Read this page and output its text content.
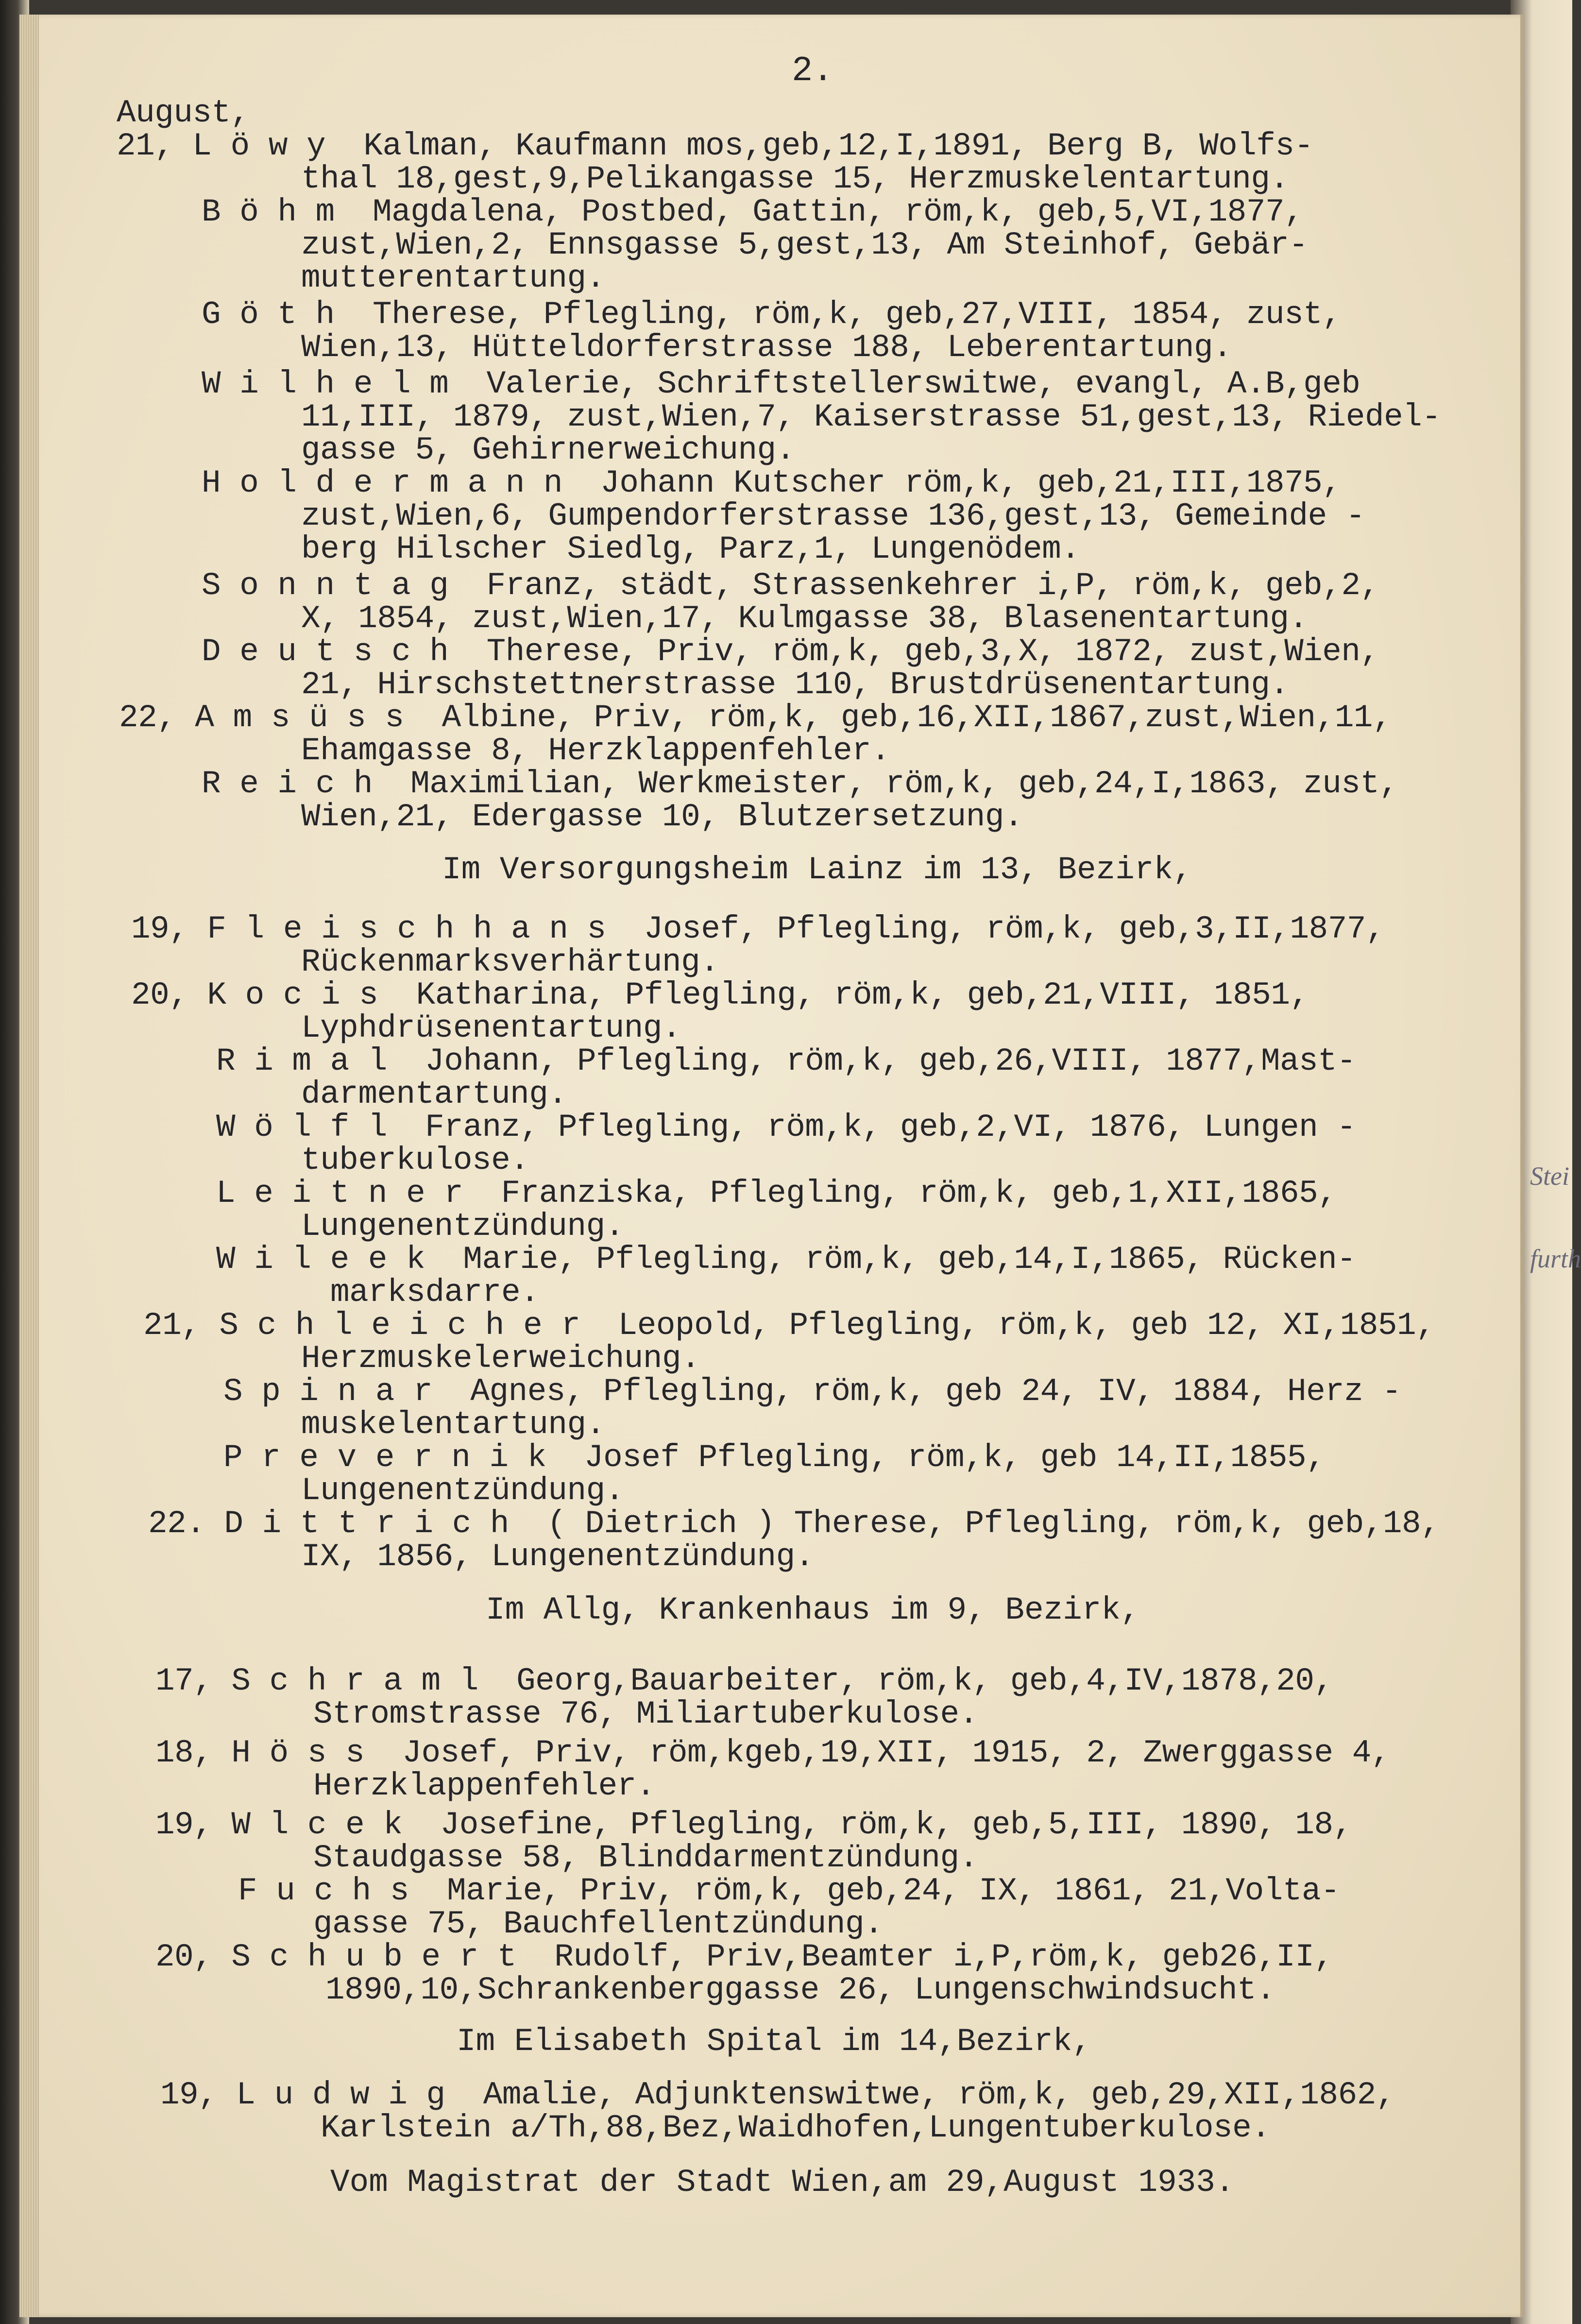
Stei
furth
2.
August,
21, L ö w y  Kalman, Kaufmann mos,geb,12,I,1891, Berg B, Wolfs-
thal 18,gest,9,Pelikangasse 15, Herzmuskelentartung.
B ö h m  Magdalena, Postbed, Gattin, röm,k, geb,5,VI,1877,
zust,Wien,2, Ennsgasse 5,gest,13, Am Steinhof, Gebär-
mutterentartung.
G ö t h  Therese, Pflegling, röm,k, geb,27,VIII, 1854, zust,
Wien,13, Hütteldorferstrasse 188, Leberentartung.
W i l h e l m  Valerie, Schriftstellerswitwe, evangl, A.B,geb
11,III, 1879, zust,Wien,7, Kaiserstrasse 51,gest,13, Riedel-
gasse 5, Gehirnerweichung.
H o l d e r m a n n  Johann Kutscher röm,k, geb,21,III,1875,
zust,Wien,6, Gumpendorferstrasse 136,gest,13, Gemeinde -
berg Hilscher Siedlg, Parz,1, Lungenödem.
S o n n t a g  Franz, städt, Strassenkehrer i,P, röm,k, geb,2,
X, 1854, zust,Wien,17, Kulmgasse 38, Blasenentartung.
D e u t s c h  Therese, Priv, röm,k, geb,3,X, 1872, zust,Wien,
21, Hirschstettnerstrasse 110, Brustdrüsenentartung.
22, A m s ü s s  Albine, Priv, röm,k, geb,16,XII,1867,zust,Wien,11,
Ehamgasse 8, Herzklappenfehler.
R e i c h  Maximilian, Werkmeister, röm,k, geb,24,I,1863, zust,
Wien,21, Edergasse 10, Blutzersetzung.
Im Versorgungsheim Lainz im 13, Bezirk,
19, F l e i s c h h a n s  Josef, Pflegling, röm,k, geb,3,II,1877,
Rückenmarksverhärtung.
20, K o c i s  Katharina, Pflegling, röm,k, geb,21,VIII, 1851,
Lyphdrüsenentartung.
R i m a l  Johann, Pflegling, röm,k, geb,26,VIII, 1877,Mast-
darmentartung.
W ö l f l  Franz, Pflegling, röm,k, geb,2,VI, 1876, Lungen -
tuberkulose.
L e i t n e r  Franziska, Pflegling, röm,k, geb,1,XII,1865,
Lungenentzündung.
W i l e e k  Marie, Pflegling, röm,k, geb,14,I,1865, Rücken-
marksdarre.
21, S c h l e i c h e r  Leopold, Pflegling, röm,k, geb 12, XI,1851,
Herzmuskelerweichung.
S p i n a r  Agnes, Pflegling, röm,k, geb 24, IV, 1884, Herz -
muskelentartung.
P r e v e r n i k  Josef Pflegling, röm,k, geb 14,II,1855,
Lungenentzündung.
22. D i t t r i c h  ( Dietrich ) Therese, Pflegling, röm,k, geb,18,
IX, 1856, Lungenentzündung.
Im Allg, Krankenhaus im 9, Bezirk,
17, S c h r a m l  Georg,Bauarbeiter, röm,k, geb,4,IV,1878,20,
Stromstrasse 76, Miliartuberkulose.
18, H ö s s  Josef, Priv, röm,kgeb,19,XII, 1915, 2, Zwerggasse 4,
Herzklappenfehler.
19, W l c e k  Josefine, Pflegling, röm,k, geb,5,III, 1890, 18,
Staudgasse 58, Blinddarmentzündung.
F u c h s  Marie, Priv, röm,k, geb,24, IX, 1861, 21,Volta-
gasse 75, Bauchfellentzündung.
20, S c h u b e r t  Rudolf, Priv,Beamter i,P,röm,k, geb26,II,
1890,10,Schrankenberggasse 26, Lungenschwindsucht.
Im Elisabeth Spital im 14,Bezirk,
19, L u d w i g  Amalie, Adjunktenswitwe, röm,k, geb,29,XII,1862,
Karlstein a/Th,88,Bez,Waidhofen,Lungentuberkulose.
Vom Magistrat der Stadt Wien,am 29,August 1933.
